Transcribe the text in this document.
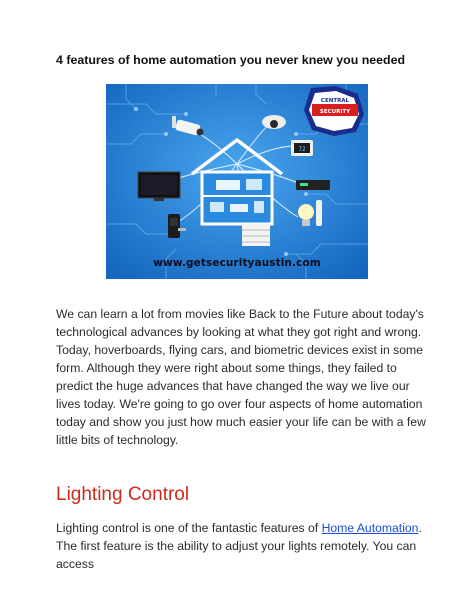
4 features of home automation you never knew you needed
CENTRAL
SECURITY
72
www.getsecurityaustin.com

We can learn a lot from movies like Back to the Future about today's technological advances by looking at what they got right and wrong. Today, hoverboards, flying cars, and biometric devices exist in some form. Although they were right about some things, they failed to predict the huge advances that have changed the way we live our lives today. We're going to go over four aspects of home automation today and show you just how much easier your life can be with a few little bits of technology.

Lighting Control

Lighting control is one of the fantastic features of Home Automation. The first feature is the ability to adjust your lights remotely. You can access
